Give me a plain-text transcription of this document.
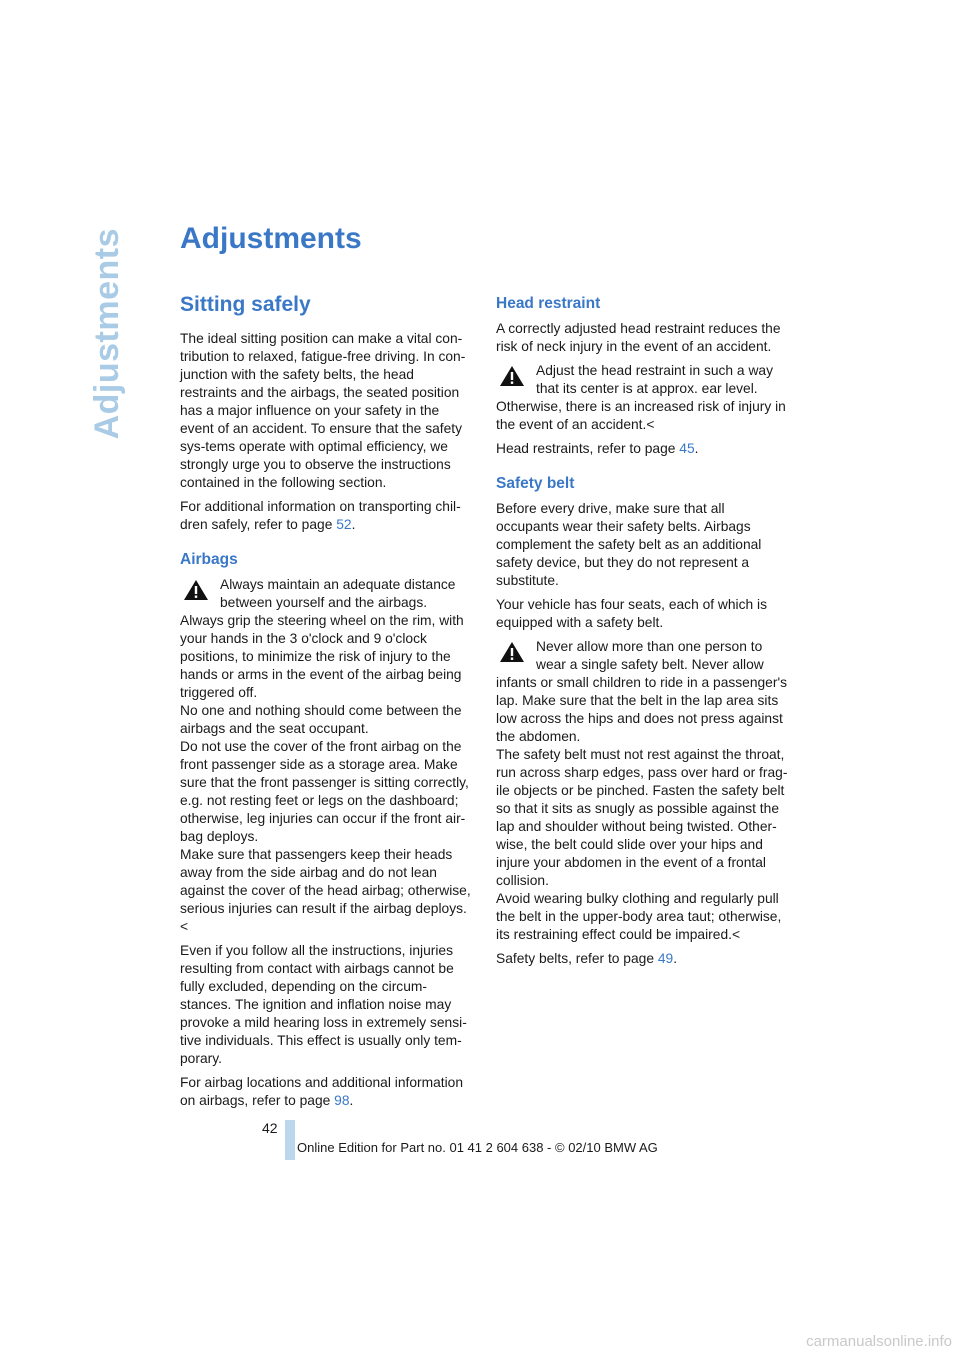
Adjustments Adjustments
Sitting safely

The ideal sitting position can make a vital con-tribution to relaxed, fatigue-free driving. In con-junction with the safety belts, the head restraints and the airbags, the seated position has a major influence on your safety in the event of an accident. To ensure that the safety sys-tems operate with optimal efficiency, we strongly urge you to observe the instructions contained in the following section.

For additional information on transporting chil-dren safely, refer to page 52.

Airbags
Always maintain an adequate distance between yourself and the airbags. Always grip the steering wheel on the rim, with your hands in the 3 o'clock and 9 o'clock positions, to minimize the risk of injury to the hands or arms in the event of the airbag being triggered off.
No one and nothing should come between the airbags and the seat occupant.
Do not use the cover of the front airbag on the front passenger side as a storage area. Make sure that the front passenger is sitting correctly, e.g. not resting feet or legs on the dashboard; otherwise, leg injuries can occur if the front air-bag deploys.
Make sure that passengers keep their heads away from the side airbag and do not lean against the cover of the head airbag; otherwise, serious injuries can result if the airbag deploys.<

Even if you follow all the instructions, injuries resulting from contact with airbags cannot be fully excluded, depending on the circum-stances. The ignition and inflation noise may provoke a mild hearing loss in extremely sensi-tive individuals. This effect is usually only tem-porary.

For airbag locations and additional information on airbags, refer to page 98.

Head restraint

A correctly adjusted head restraint reduces the risk of neck injury in the event of an accident.

Adjust the head restraint in such a way that its center is at approx. ear level. Otherwise, there is an increased risk of injury in the event of an accident.<

Head restraints, refer to page 45.

Safety belt

Before every drive, make sure that all occupants wear their safety belts. Airbags complement the safety belt as an additional safety device, but they do not represent a substitute.

Your vehicle has four seats, each of which is equipped with a safety belt.

Never allow more than one person to wear a single safety belt. Never allow infants or small children to ride in a passenger's lap. Make sure that the belt in the lap area sits low across the hips and does not press against the abdomen.
The safety belt must not rest against the throat, run across sharp edges, pass over hard or frag-ile objects or be pinched. Fasten the safety belt so that it sits as snugly as possible against the lap and shoulder without being twisted. Other-wise, the belt could slide over your hips and injure your abdomen in the event of a frontal collision.
Avoid wearing bulky clothing and regularly pull the belt in the upper-body area taut; otherwise, its restraining effect could be impaired.<

Safety belts, refer to page 49.

42
Online Edition for Part no. 01 41 2 604 638 - © 02/10 BMW AG
carmanualsonline.info
